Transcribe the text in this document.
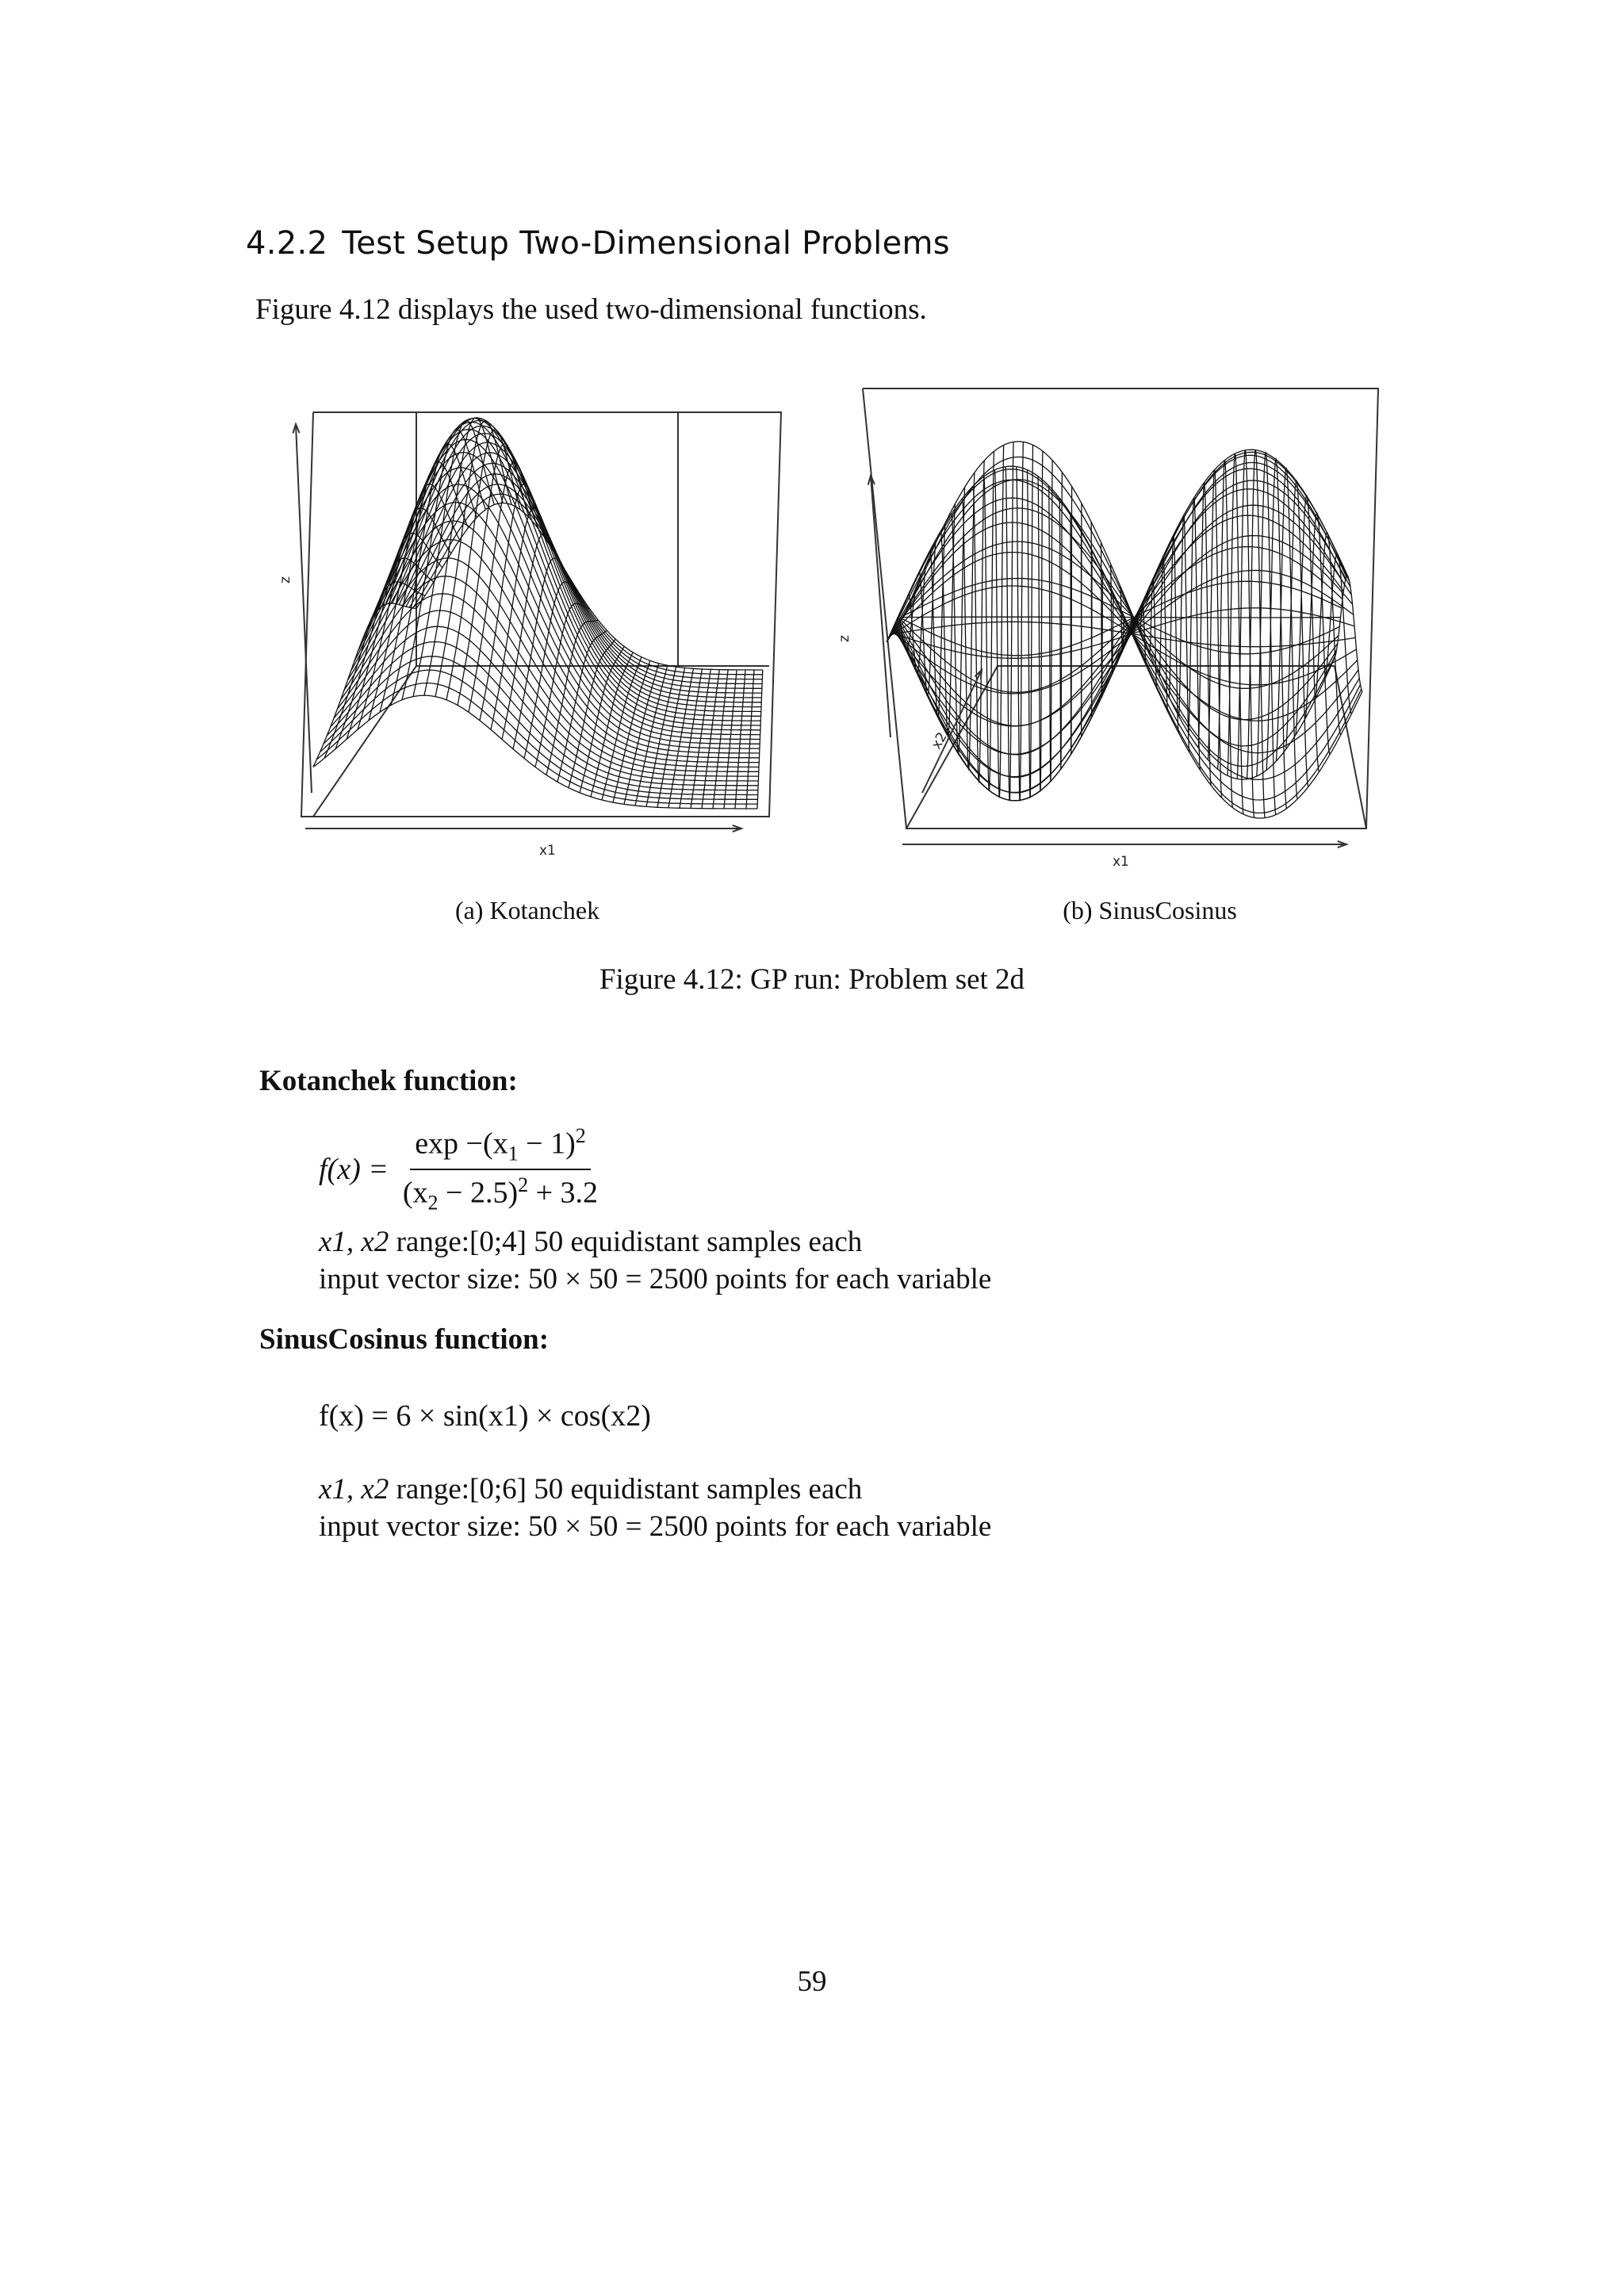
4.2.2 Test Setup Two-Dimensional Problems
Figure 4.12 displays the used two-dimensional functions.
x1
z
(a) Kotanchek
x1
x2
z
(b) SinusCosinus
Figure 4.12: GP run: Problem set 2d
Kotanchek function:
$f(x) = \frac{\exp -(x_1 - 1)^2}{(x_2 - 2.5)^2 + 3.2}$
x1, x2 range:[0;4] 50 equidistant samples each
input vector size: 50 × 50 = 2500 points for each variable
SinusCosinus function:
f(x) = 6 × sin(x1) × cos(x2)
x1, x2 range:[0;6] 50 equidistant samples each
input vector size: 50 × 50 = 2500 points for each variable
59
